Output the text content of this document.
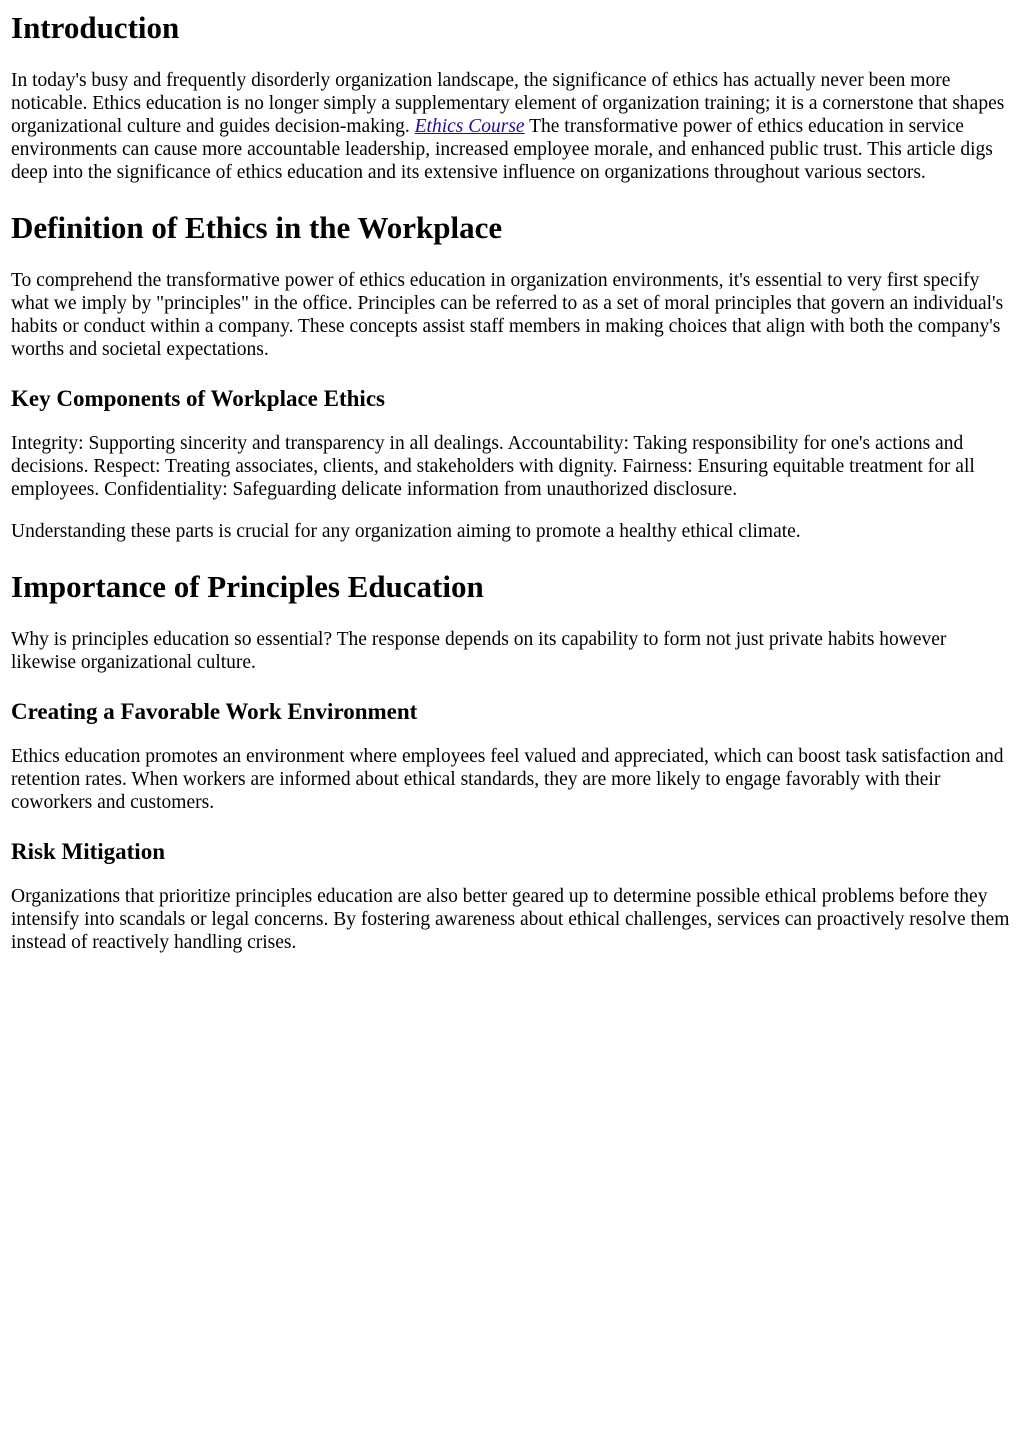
Introduction

In today's busy and frequently disorderly organization landscape, the significance of ethics has actually never been more noticable. Ethics education is no longer simply a supplementary element of organization training; it is a cornerstone that shapes organizational culture and guides decision-making. Ethics Course The transformative power of ethics education in service environments can cause more accountable leadership, increased employee morale, and enhanced public trust. This article digs deep into the significance of ethics education and its extensive influence on organizations throughout various sectors.

Definition of Ethics in the Workplace

To comprehend the transformative power of ethics education in organization environments, it's essential to very first specify what we imply by "principles" in the office. Principles can be referred to as a set of moral principles that govern an individual's habits or conduct within a company. These concepts assist staff members in making choices that align with both the company's worths and societal expectations.

Key Components of Workplace Ethics

Integrity: Supporting sincerity and transparency in all dealings. Accountability: Taking responsibility for one's actions and decisions. Respect: Treating associates, clients, and stakeholders with dignity. Fairness: Ensuring equitable treatment for all employees. Confidentiality: Safeguarding delicate information from unauthorized disclosure.

Understanding these parts is crucial for any organization aiming to promote a healthy ethical climate.

Importance of Principles Education

Why is principles education so essential? The response depends on its capability to form not just private habits however likewise organizational culture.

Creating a Favorable Work Environment

Ethics education promotes an environment where employees feel valued and appreciated, which can boost task satisfaction and retention rates. When workers are informed about ethical standards, they are more likely to engage favorably with their coworkers and customers.

Risk Mitigation

Organizations that prioritize principles education are also better geared up to determine possible ethical problems before they intensify into scandals or legal concerns. By fostering awareness about ethical challenges, services can proactively resolve them instead of reactively handling crises.
